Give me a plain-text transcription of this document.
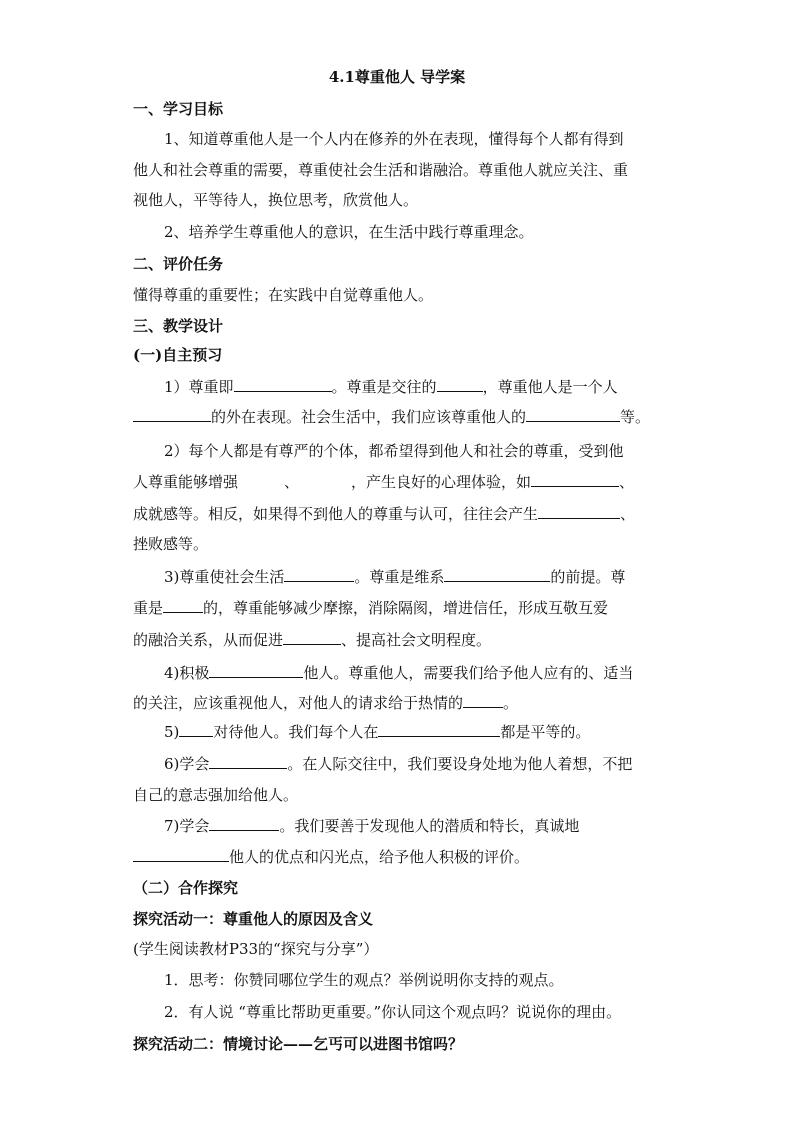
4.1尊重他人 导学案
一、学习目标
1、知道尊重他人是一个人内在修养的外在表现，懂得每个人都有得到
他人和社会尊重的需要，尊重使社会生活和谐融洽。尊重他人就应关注、重
视他人，平等待人，换位思考，欣赏他人。
2、培养学生尊重他人的意识，在生活中践行尊重理念。
二、评价任务
懂得尊重的重要性；在实践中自觉尊重他人。
三、教学设计
(一)自主预习
1）尊重即	。尊重是交往的	，尊重他人是一个人
的外在表现。社会生活中，我们应该尊重他人的	等。
2）每个人都是有尊严的个体，都希望得到他人和社会的尊重，受到他
人尊重能够增强	、	，产生良好的心理体验，如	、
成就感等。相反，如果得不到他人的尊重与认可，往往会产生	、
挫败感等。
3)尊重使社会生活	。尊重是维系	的前提。尊
重是	的，尊重能够减少摩擦，消除隔阂，增进信任，形成互敬互爱
的融洽关系，从而促进	、提高社会文明程度。
4)积极	他人。尊重他人，需要我们给予他人应有的、适当
的关注，应该重视他人，对他人的请求给于热情的	。
5) 对待他人。我们每个人在	都是平等的。
6)学会	。在人际交往中，我们要设身处地为他人着想，不把
自己的意志强加给他人。
7)学会	。我们要善于发现他人的潜质和特长，真诚地
他人的优点和闪光点，给予他人积极的评价。
（二）合作探究
探究活动一：尊重他人的原因及含义
(学生阅读教材P33的“探究与分享”）
1．思考：你赞同哪位学生的观点？举例说明你支持的观点。
2．有人说 “尊重比帮助更重要。”你认同这个观点吗？说说你的理由。
探究活动二：情境讨论——乞丐可以进图书馆吗？
